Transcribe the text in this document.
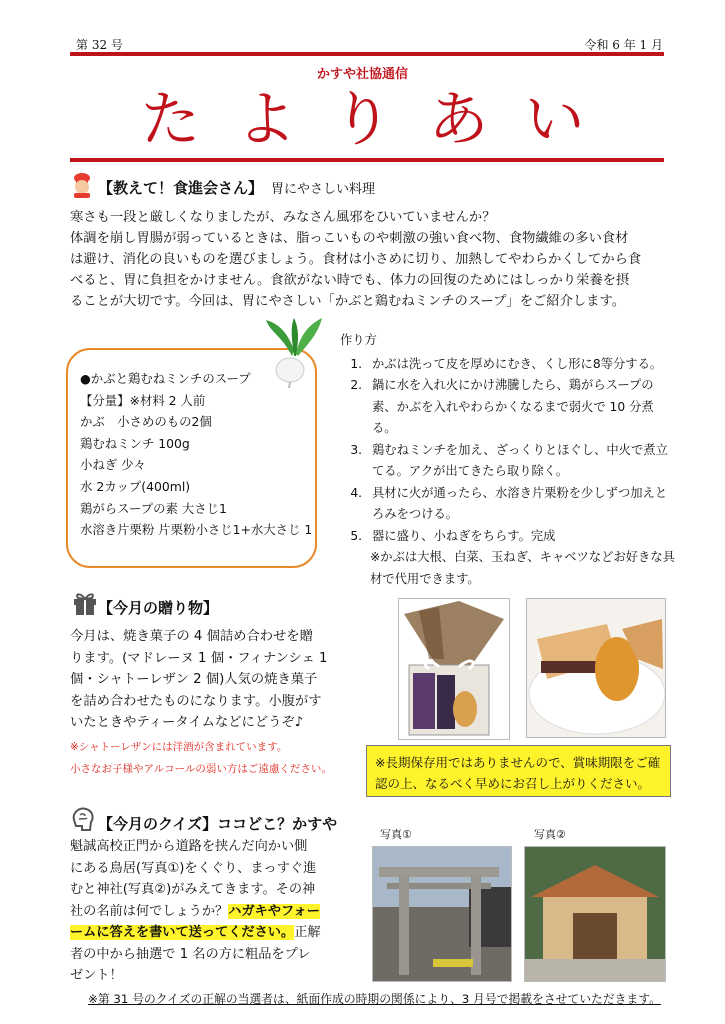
第 32 号	令和 6 年 1 月
かすや社協通信
たよりあい
【教えて！食進会さん】 胃にやさしい料理
寒さも一段と厳しくなりましたが、みなさん風邪をひいていませんか？
体調を崩し胃腸が弱っているときは、脂っこいものや刺激の強い食べ物、食物繊維の多い食材
は避け、消化の良いものを選びましょう。食材は小さめに切り、加熱してやわらかくしてから食
べると、胃に負担をかけません。食欲がない時でも、体力の回復のためにはしっかり栄養を摂
ることが大切です。今回は、胃にやさしい「かぶと鶏むねミンチのスープ」をご紹介します。
●かぶと鶏むねミンチのスープ
【分量】※材料 2 人前
かぶ　小さめのもの2個
鶏むねミンチ 100g
小ねぎ 少々
水 2カップ(400ml)
鶏がらスープの素 大さじ1
水溶き片栗粉 片栗粉小さじ1+水大さじ 1
作り方
1. かぶは洗って皮を厚めにむき、くし形に8等分する。
2. 鍋に水を入れ火にかけ沸騰したら、鶏がらスープの素、かぶを入れやわらかくなるまで弱火で 10 分煮る。
3. 鶏むねミンチを加え、ざっくりとほぐし、中火で煮立てる。アクが出てきたら取り除く。
4. 具材に火が通ったら、水溶き片栗粉を少しずつ加えとろみをつける。
5. 器に盛り、小ねぎをちらす。完成
※かぶは大根、白菜、玉ねぎ、キャベツなどお好きな具材で代用できます。
【今月の贈り物】
今月は、焼き菓子の 4 個詰め合わせを贈
ります。(マドレーヌ 1 個・フィナンシェ 1
個・シャトーレザン 2 個)人気の焼き菓子
を詰め合わせたものになります。小腹がす
いたときやティータイムなどにどうぞ♪
※シャトーレザンには洋酒が含まれています。
小さなお子様やアルコールの弱い方はご遠慮ください。	※長期保存用ではありませんので、賞味期限をご確
認の上、なるべく早めにお召し上がりください。
【今月のクイズ】ココどこ？かすや
魁誠高校正門から道路を挟んだ向かい側
にある鳥居(写真①)をくぐり、まっすぐ進
むと神社(写真②)がみえてきます。その神
社の名前は何でしょうか？ハガキやフォー
ームに答えを書いて送ってください。正解
者の中から抽選で 1 名の方に粗品をプレ
ゼント！
写真①	写真②
※第 31 号のクイズの正解の当選者は、紙面作成の時期の関係により、3 月号で掲載をさせていただきます。
